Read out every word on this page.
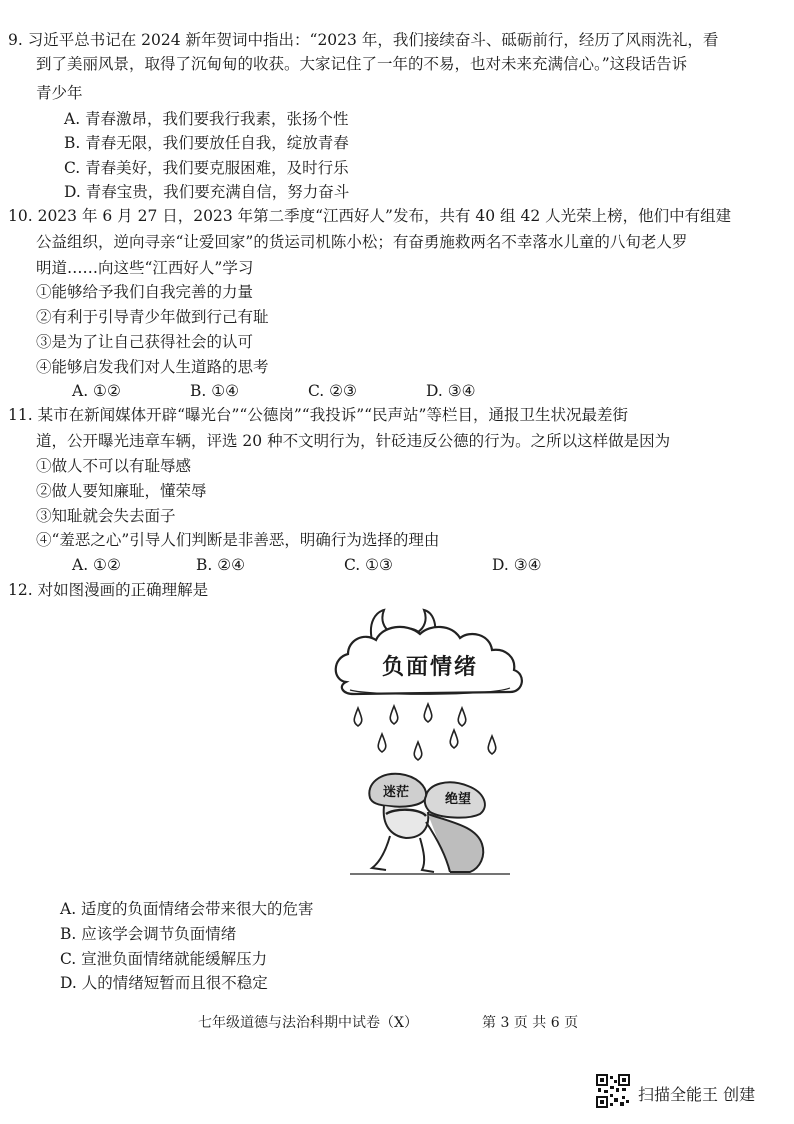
9. 习近平总书记在 2024 新年贺词中指出：“2023 年，我们接续奋斗、砥砺前行，经历了风雨洗礼，看
到了美丽风景，取得了沉甸甸的收获。大家记住了一年的不易，也对未来充满信心。”这段话告诉
青少年
A. 青春激昂，我们要我行我素，张扬个性
B. 青春无限，我们要放任自我，绽放青春
C. 青春美好，我们要克服困难，及时行乐
D. 青春宝贵，我们要充满自信，努力奋斗
10. 2023 年 6 月 27 日，2023 年第二季度“江西好人”发布，共有 40 组 42 人光荣上榜，他们中有组建
公益组织，逆向寻亲“让爱回家”的货运司机陈小松；有奋勇施救两名不幸落水儿童的八旬老人罗
明道……向这些“江西好人”学习
①能够给予我们自我完善的力量
②有利于引导青少年做到行己有耻
③是为了让自己获得社会的认可
④能够启发我们对人生道路的思考
A. ①②	B. ①④	C. ②③	D. ③④
11. 某市在新闻媒体开辟“曝光台”“公德岗”“我投诉”“民声站”等栏目，通报卫生状况最差街
道，公开曝光违章车辆，评选 20 种不文明行为，针砭违反公德的行为。之所以这样做是因为
①做人不可以有耻辱感
②做人要知廉耻，懂荣辱
③知耻就会失去面子
④“羞恶之心”引导人们判断是非善恶，明确行为选择的理由
A. ①②	B. ②④	C. ①③	D. ③④
12. 对如图漫画的正确理解是
负面情绪
迷茫	绝望
A. 适度的负面情绪会带来很大的危害
B. 应该学会调节负面情绪
C. 宣泄负面情绪就能缓解压力
D. 人的情绪短暂而且很不稳定
七年级道德与法治科期中试卷（X）	第 3 页 共 6 页
扫描全能王 创建
